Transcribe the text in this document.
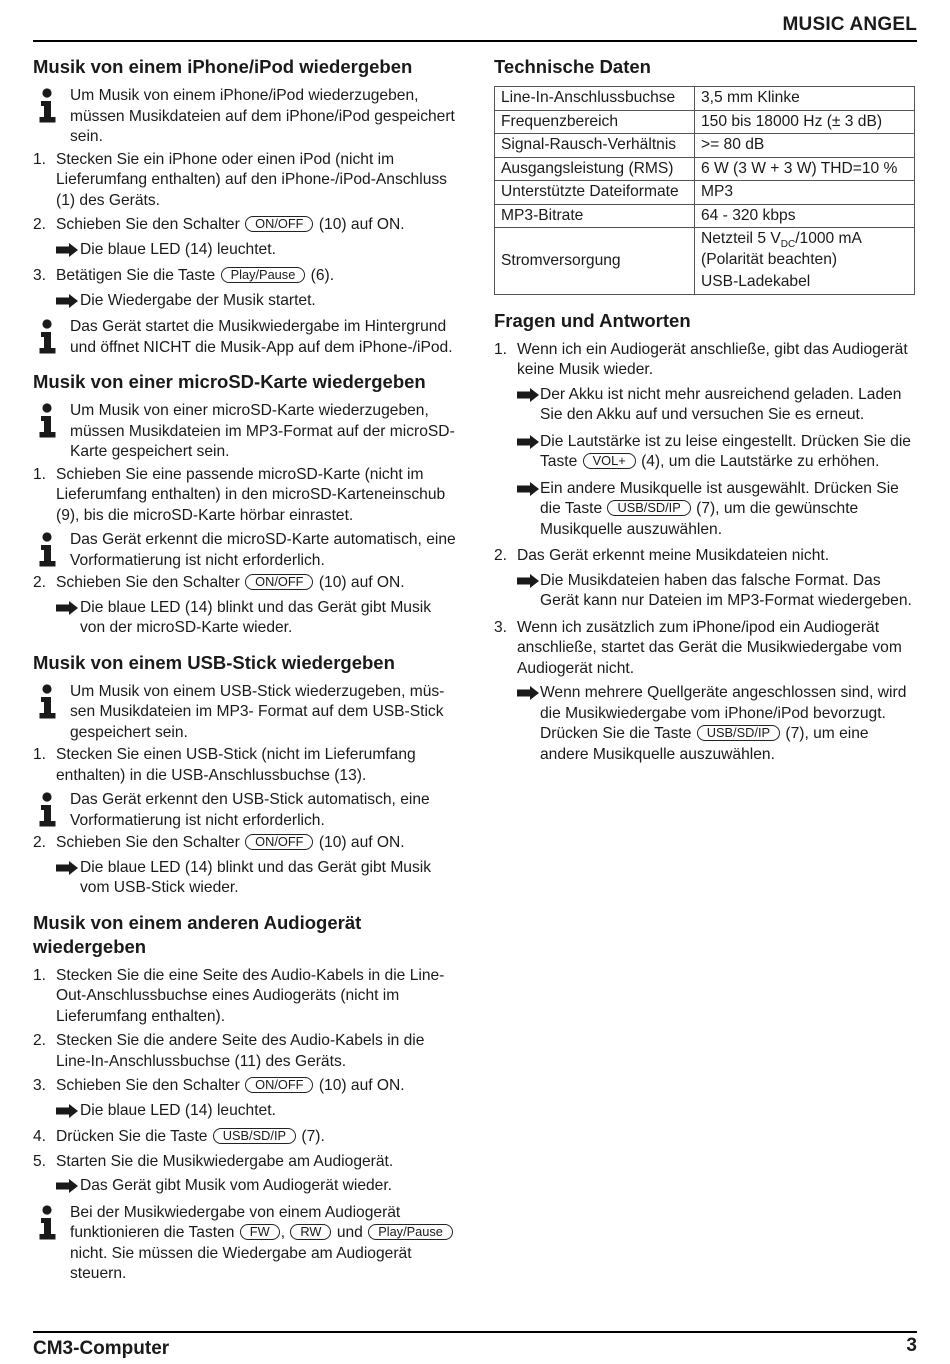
MUSIC ANGEL
Musik von einem iPhone/iPod wiedergeben
Um Musik von einem iPhone/iPod wiederzugeben, müssen Musikdateien auf dem iPhone/iPod gespeichert sein.
1. Stecken Sie ein iPhone oder einen iPod (nicht im Lieferumfang enthalten) auf den iPhone-/iPod-Anschluss (1) des Geräts.
2. Schieben Sie den Schalter ON/OFF (10) auf ON.
Die blaue LED (14) leuchtet.
3. Betätigen Sie die Taste Play/Pause (6).
Die Wiedergabe der Musik startet.
Das Gerät startet die Musikwiedergabe im Hintergrund und öffnet NICHT die Musik-App auf dem iPhone-/iPod.
Musik von einer microSD-Karte wiedergeben
Um Musik von einer microSD-Karte wiederzugeben, müssen Musikdateien im MP3-Format auf der microSD-Karte gespeichert sein.
1. Schieben Sie eine passende microSD-Karte (nicht im Lieferumfang enthalten) in den microSD-Karteneinschub (9), bis die microSD-Karte hörbar einrastet.
Das Gerät erkennt die microSD-Karte automatisch, eine Vorformatierung ist nicht erforderlich.
2. Schieben Sie den Schalter ON/OFF (10) auf ON.
Die blaue LED (14) blinkt und das Gerät gibt Musik von der microSD-Karte wieder.
Musik von einem USB-Stick wiedergeben
Um Musik von einem USB-Stick wiederzugeben, müs-sen Musikdateien im MP3- Format auf dem USB-Stick gespeichert sein.
1. Stecken Sie einen USB-Stick (nicht im Lieferumfang enthalten) in die USB-Anschlussbuchse (13).
Das Gerät erkennt den USB-Stick automatisch, eine Vorformatierung ist nicht erforderlich.
2. Schieben Sie den Schalter ON/OFF (10) auf ON.
Die blaue LED (14) blinkt und das Gerät gibt Musik vom USB-Stick wieder.
Musik von einem anderen Audiogerät wiedergeben
1. Stecken Sie die eine Seite des Audio-Kabels in die Line-Out-Anschlussbuchse eines Audiogeräts (nicht im Lieferumfang enthalten).
2. Stecken Sie die andere Seite des Audio-Kabels in die Line-In-Anschlussbuchse (11) des Geräts.
3. Schieben Sie den Schalter ON/OFF (10) auf ON.
Die blaue LED (14) leuchtet.
4. Drücken Sie die Taste USB/SD/IP (7).
5. Starten Sie die Musikwiedergabe am Audiogerät.
Das Gerät gibt Musik vom Audiogerät wieder.
Bei der Musikwiedergabe von einem Audiogerät funktionieren die Tasten FW , RW und Play/Pause nicht. Sie müssen die Wiedergabe am Audiogerät steuern.
Technische Daten
Line-In-Anschlussbuchse	3,5 mm Klinke
Frequenzbereich	150 bis 18000 Hz (± 3 dB)
Signal-Rausch-Verhältnis	>= 80 dB
Ausgangsleistung (RMS)	6 W (3 W + 3 W) THD=10 %
Unterstützte Dateiformate	MP3
MP3-Bitrate	64 - 320 kbps
Stromversorgung	Netzteil 5 $V_{DC}/1000$ mA
(Polarität beachten)
	USB-Ladekabel
Fragen und Antworten
1. Wenn ich ein Audiogerät anschließe, gibt das Audiogerät keine Musik wieder.
Der Akku ist nicht mehr ausreichend geladen. Laden Sie den Akku auf und versuchen Sie es erneut.
Die Lautstärke ist zu leise eingestellt. Drücken Sie die Taste VOL+ (4), um die Lautstärke zu erhöhen.
Ein andere Musikquelle ist ausgewählt. Drücken Sie die Taste USB/SD/IP (7), um die gewünschte Musikquelle auszuwählen.
2. Das Gerät erkennt meine Musikdateien nicht.
Die Musikdateien haben das falsche Format. Das Gerät kann nur Dateien im MP3-Format wiedergeben.
3. Wenn ich zusätzlich zum iPhone/ipod ein Audiogerät anschließe, startet das Gerät die Musikwiedergabe vom Audiogerät nicht.
Wenn mehrere Quellgeräte angeschlossen sind, wird die Musikwiedergabe vom iPhone/iPod bevorzugt. Drücken Sie die Taste USB/SD/IP (7), um eine andere Musikquelle auszuwählen.
CM3-Computer	3
